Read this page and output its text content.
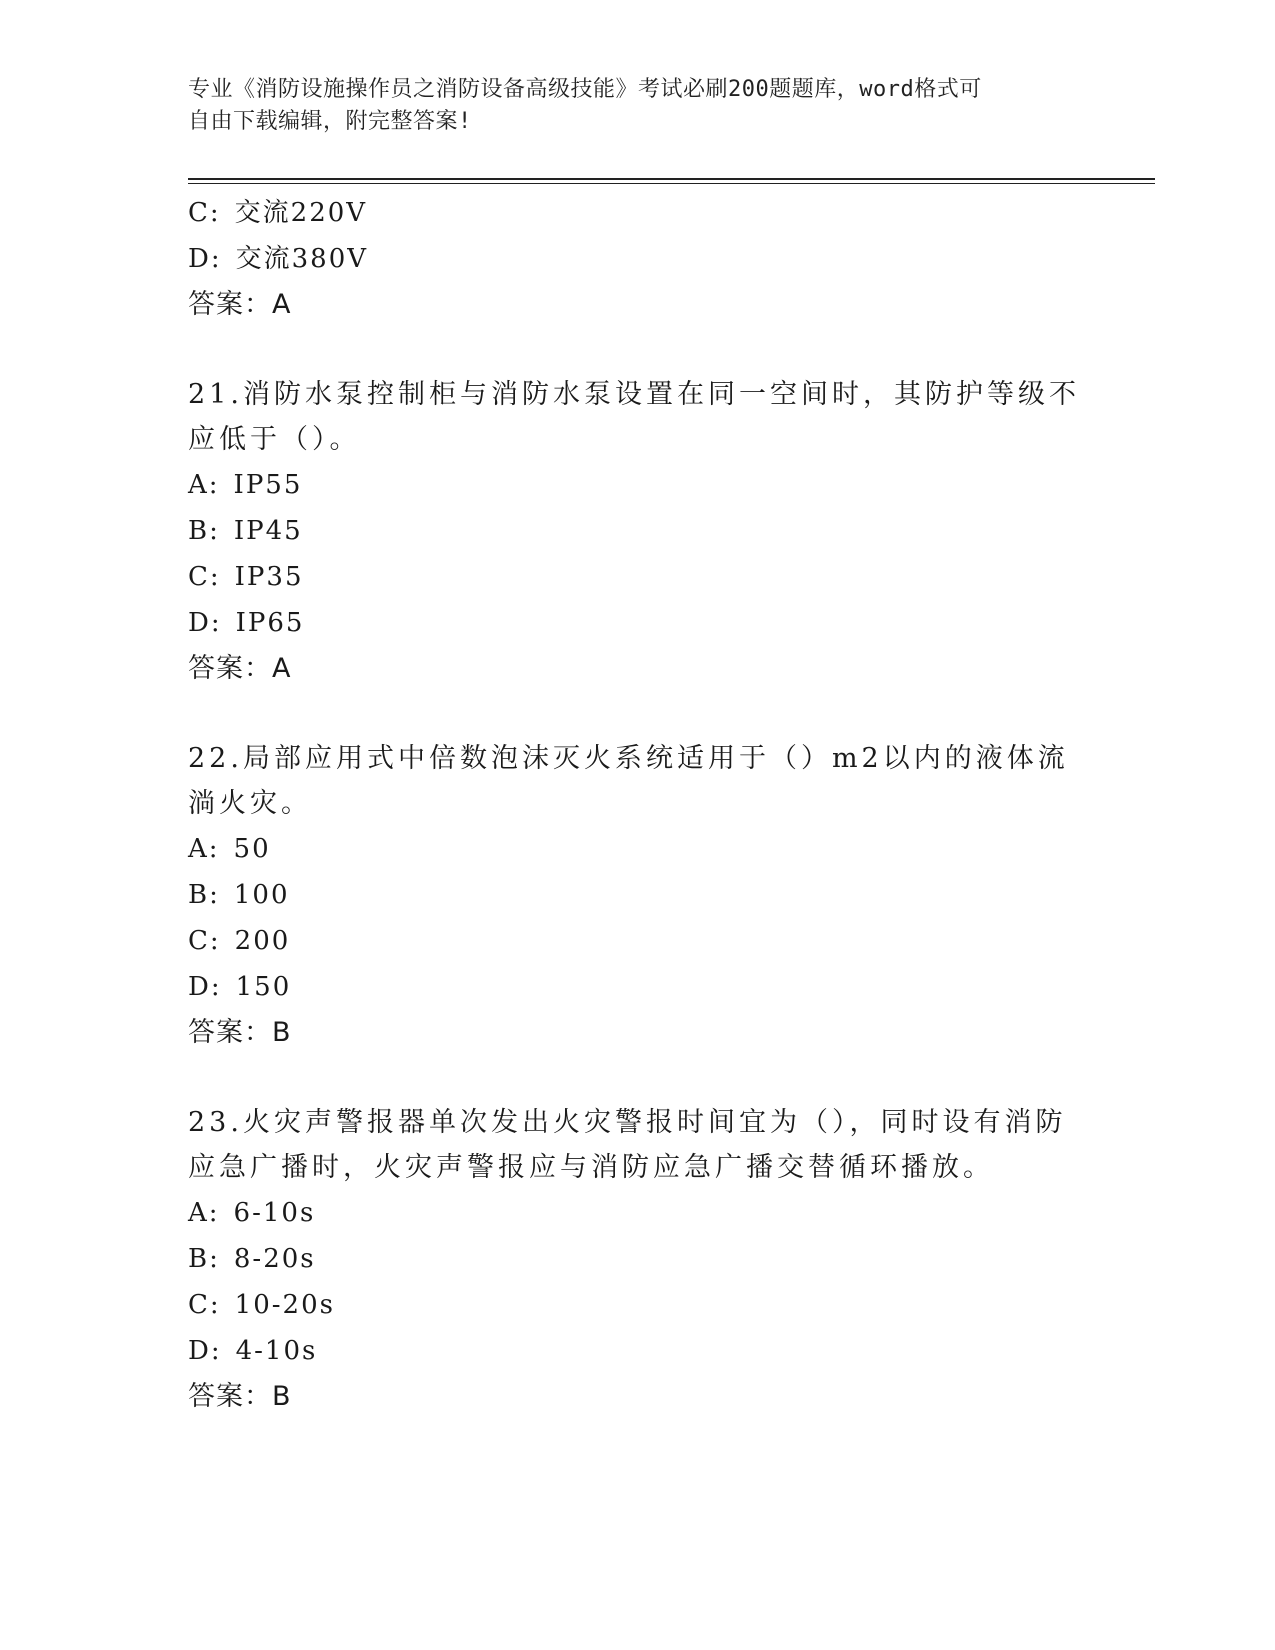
专业《消防设施操作员之消防设备高级技能》考试必刷200题题库，word格式可
自由下载编辑，附完整答案!
C: 交流220V
D: 交流380V
答案：A
21.消防水泵控制柜与消防水泵设置在同一空间时，其防护等级不应低于（）。
A: IP55
B: IP45
C: IP35
D: IP65
答案：A
22.局部应用式中倍数泡沫灭火系统适用于（）m2以内的液体流淌火灾。
A: 50
B: 100
C: 200
D: 150
答案：B
23.火灾声警报器单次发出火灾警报时间宜为（），同时设有消防应急广播时，火灾声警报应与消防应急广播交替循环播放。
A: 6-10s
B: 8-20s
C: 10-20s
D: 4-10s
答案：B
